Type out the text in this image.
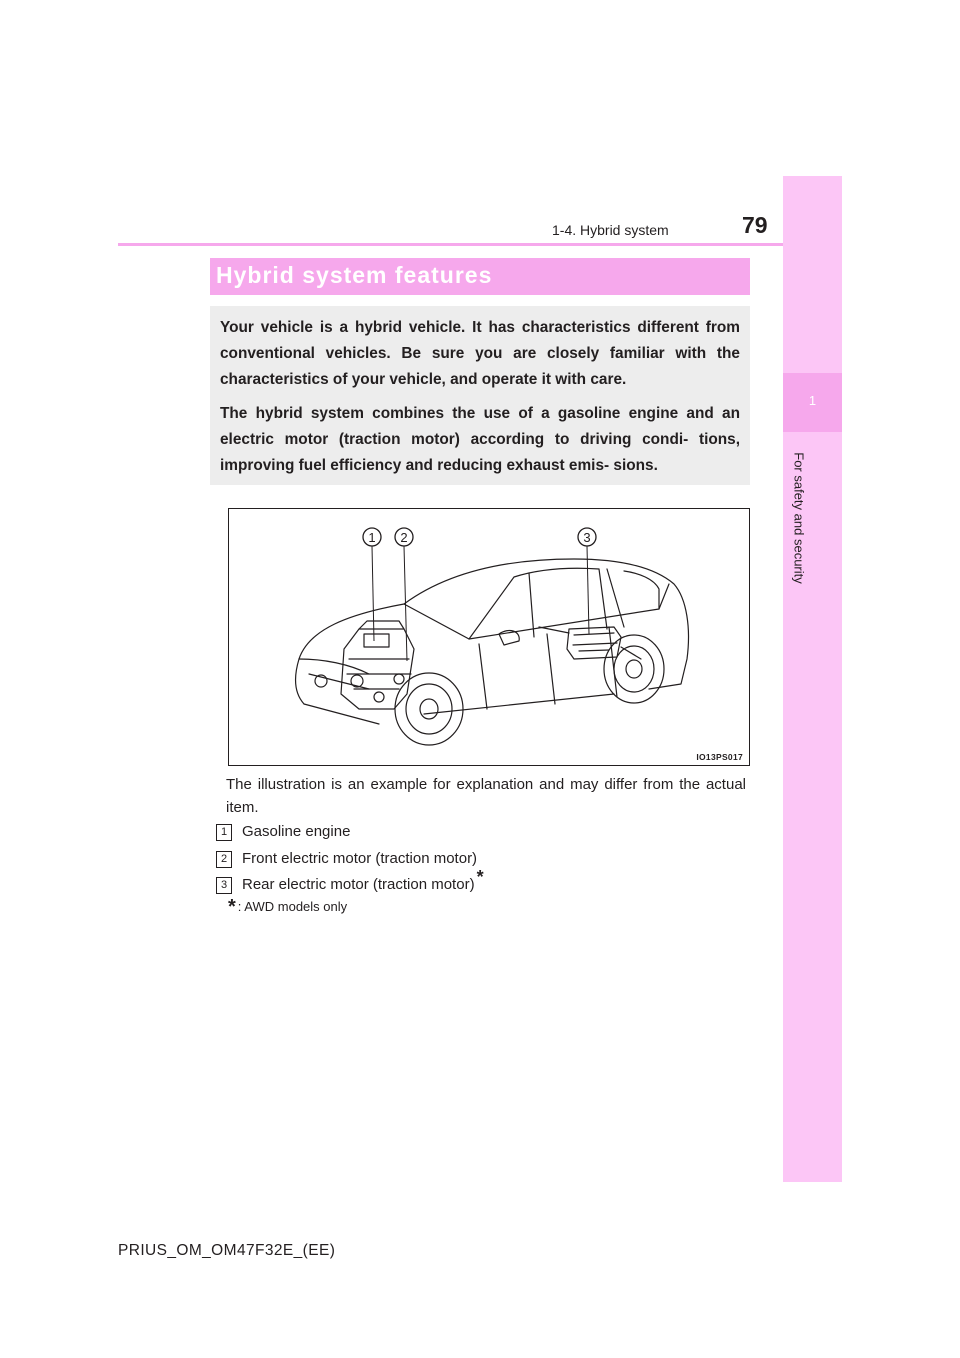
79
1-4. Hybrid system
1
For safety and security
Hybrid system features

Your vehicle is a hybrid vehicle. It has characteristics different from conventional vehicles. Be sure you are closely familiar with the characteristics of your vehicle, and operate it with care.

The hybrid system combines the use of a gasoline engine and an electric motor (traction motor) according to driving condi- tions, improving fuel efficiency and reducing exhaust emis- sions.

1 2	3
IO13PS017
The illustration is an example for explanation and may differ from the actual item.
1 Gasoline engine
2 Front electric motor (traction motor)
3 Rear electric motor (traction motor) *
* : AWD models only
PRIUS_OM_OM47F32E_(EE)
